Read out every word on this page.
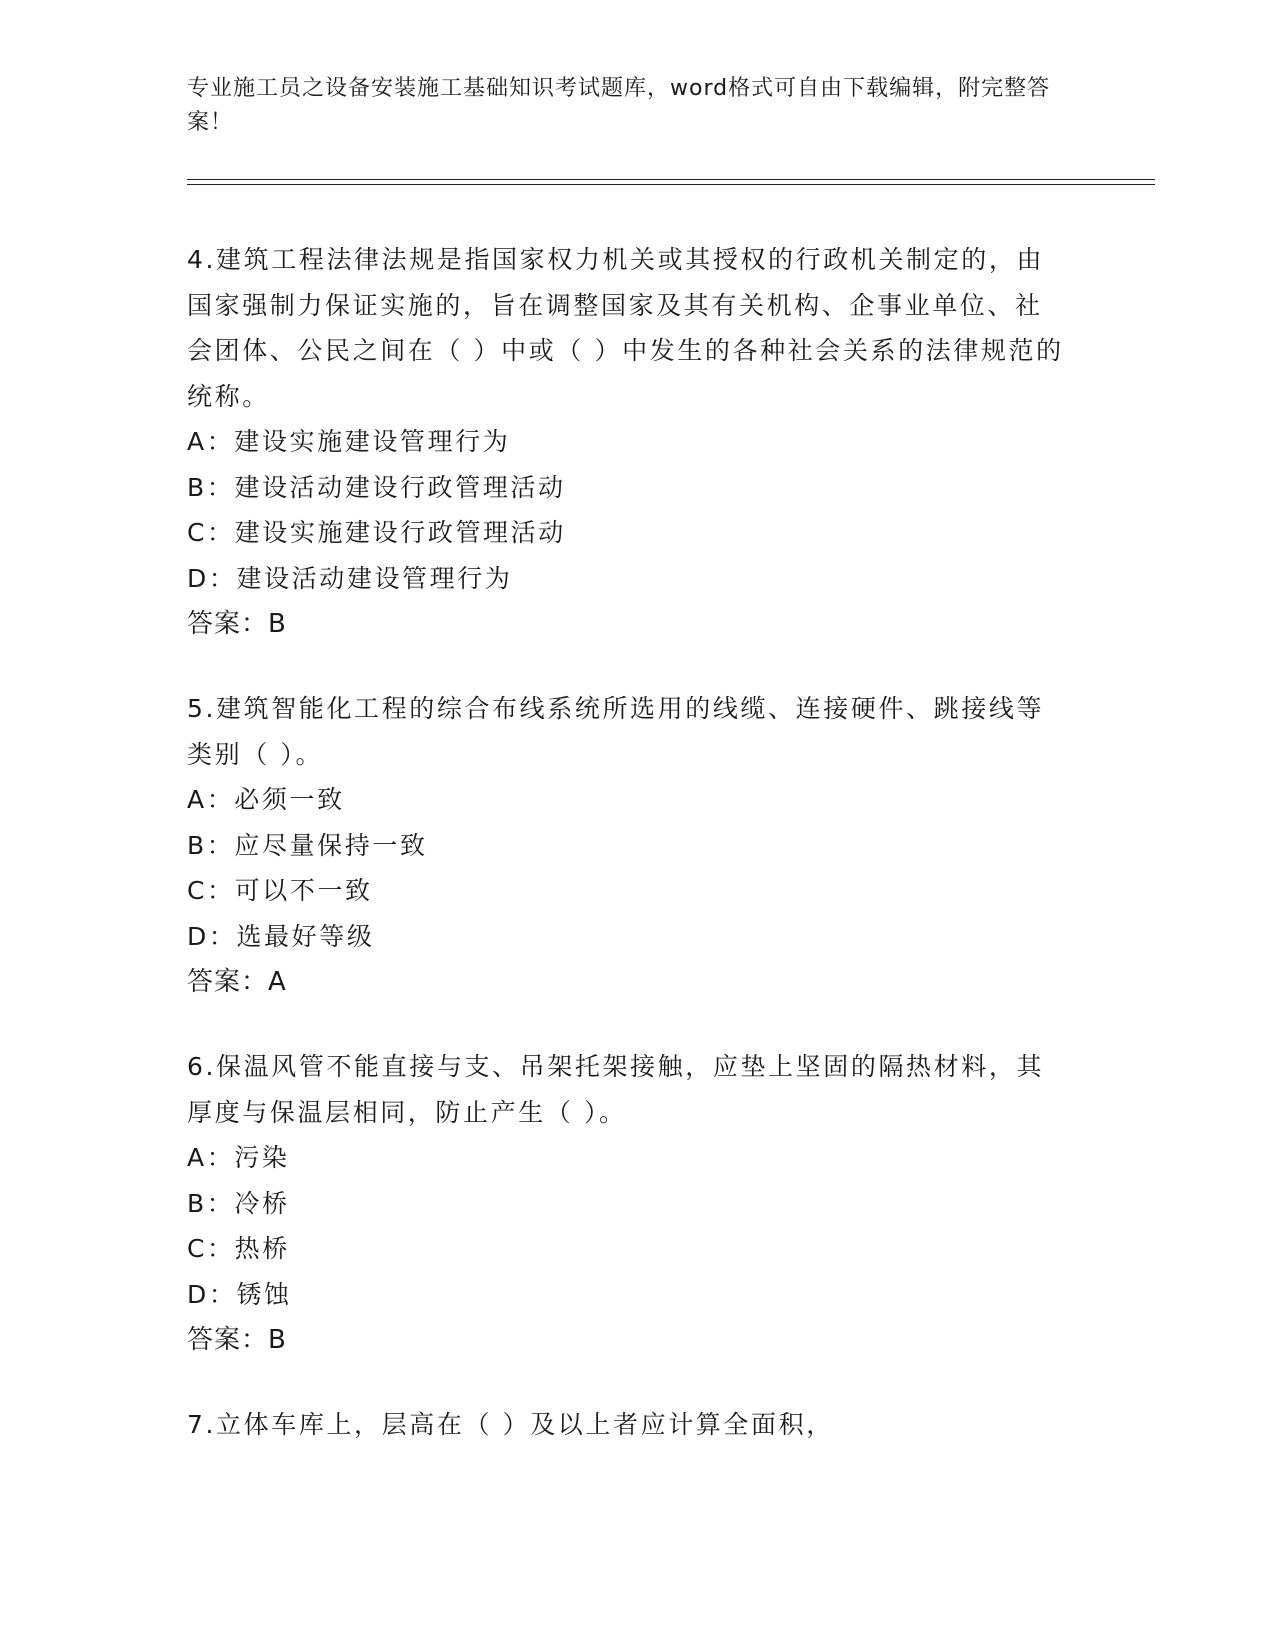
专业施工员之设备安装施工基础知识考试题库，word格式可自由下载编辑，附完整答案！
4.建筑工程法律法规是指国家权力机关或其授权的行政机关制定的，由国家强制力保证实施的，旨在调整国家及其有关机构、企事业单位、社会团体、公民之间在（ ）中或（ ）中发生的各种社会关系的法律规范的统称。
A：建设实施建设管理行为
B：建设活动建设行政管理活动
C：建设实施建设行政管理活动
D：建设活动建设管理行为
答案：B
5.建筑智能化工程的综合布线系统所选用的线缆、连接硬件、跳接线等类别（ ）。
A：必须一致
B：应尽量保持一致
C：可以不一致
D：选最好等级
答案：A
6.保温风管不能直接与支、吊架托架接触，应垫上坚固的隔热材料，其厚度与保温层相同，防止产生（ ）。
A：污染
B：冷桥
C：热桥
D：锈蚀
答案：B
7.立体车库上，层高在（ ）及以上者应计算全面积，
